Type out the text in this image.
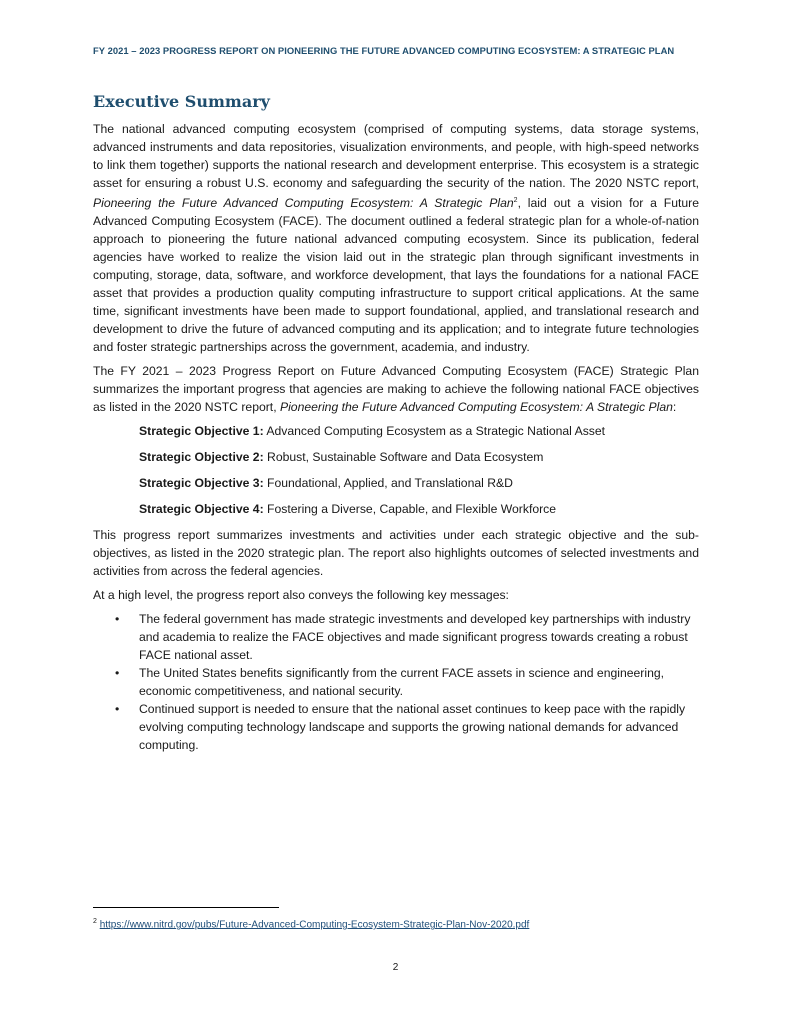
FY 2021 – 2023 PROGRESS REPORT ON PIONEERING THE FUTURE ADVANCED COMPUTING ECOSYSTEM: A STRATEGIC PLAN
Executive Summary

The national advanced computing ecosystem (comprised of computing systems, data storage systems, advanced instruments and data repositories, visualization environments, and people, with high-speed networks to link them together) supports the national research and development enterprise. This ecosystem is a strategic asset for ensuring a robust U.S. economy and safeguarding the security of the nation. The 2020 NSTC report, Pioneering the Future Advanced Computing Ecosystem: A Strategic Plan$^2$, laid out a vision for a Future Advanced Computing Ecosystem (FACE). The document outlined a federal strategic plan for a whole-of-nation approach to pioneering the future national advanced computing ecosystem. Since its publication, federal agencies have worked to realize the vision laid out in the strategic plan through significant investments in computing, storage, data, software, and workforce development, that lays the foundations for a national FACE asset that provides a production quality computing infrastructure to support critical applications. At the same time, significant investments have been made to support foundational, applied, and translational research and development to drive the future of advanced computing and its application; and to integrate future technologies and foster strategic partnerships across the government, academia, and industry.

The FY 2021 – 2023 Progress Report on Future Advanced Computing Ecosystem (FACE) Strategic Plan summarizes the important progress that agencies are making to achieve the following national FACE objectives as listed in the 2020 NSTC report, Pioneering the Future Advanced Computing Ecosystem: A Strategic Plan:

Strategic Objective 1: Advanced Computing Ecosystem as a Strategic National Asset
Strategic Objective 2: Robust, Sustainable Software and Data Ecosystem
Strategic Objective 3: Foundational, Applied, and Translational R&D
Strategic Objective 4: Fostering a Diverse, Capable, and Flexible Workforce

This progress report summarizes investments and activities under each strategic objective and the sub-objectives, as listed in the 2020 strategic plan. The report also highlights outcomes of selected investments and activities from across the federal agencies.

At a high level, the progress report also conveys the following key messages:

• The federal government has made strategic investments and developed key partnerships with industry and academia to realize the FACE objectives and made significant progress towards creating a robust FACE national asset.
• The United States benefits significantly from the current FACE assets in science and engineering, economic competitiveness, and national security.
• Continued support is needed to ensure that the national asset continues to keep pace with the rapidly evolving computing technology landscape and supports the growing national demands for advanced computing.
$^2$ https://www.nitrd.gov/pubs/Future-Advanced-Computing-Ecosystem-Strategic-Plan-Nov-2020.pdf
2
